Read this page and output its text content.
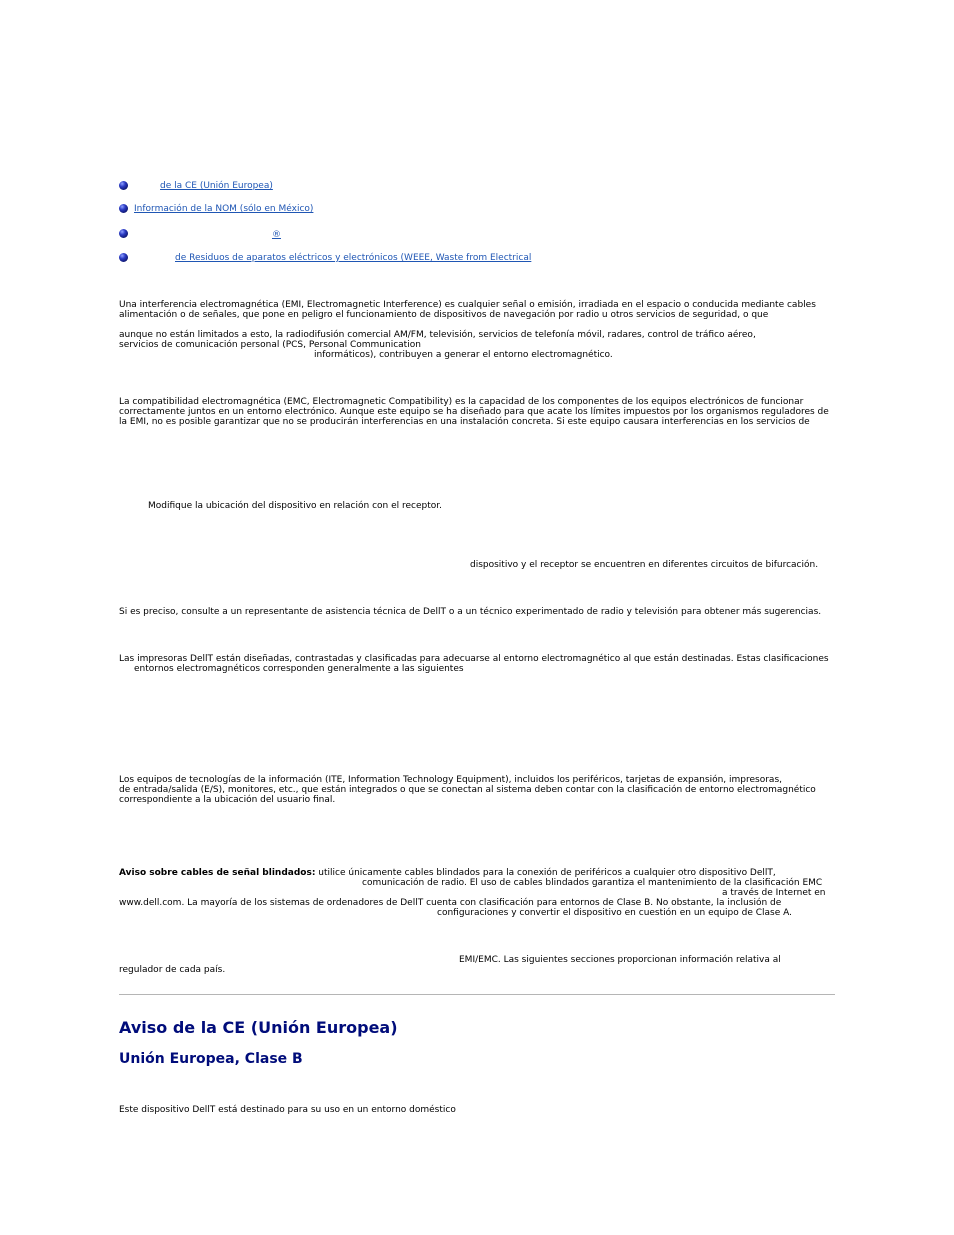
de la CE (Unión Europea)
Información de la NOM (sólo en México)
®
de Residuos de aparatos eléctricos y electrónicos (WEEE, Waste from Electrical
Una interferencia electromagnética (EMI, Electromagnetic Interference) es cualquier señal o emisión, irradiada en el espacio o conducida mediante cables
alimentación o de señales, que pone en peligro el funcionamiento de dispositivos de navegación por radio u otros servicios de seguridad, o que
aunque no están limitados a esto, la radiodifusión comercial AM/FM, televisión, servicios de telefonía móvil, radares, control de tráfico aéreo,
servicios de comunicación personal (PCS, Personal Communication
informáticos), contribuyen a generar el entorno electromagnético.
La compatibilidad electromagnética (EMC, Electromagnetic Compatibility) es la capacidad de los componentes de los equipos electrónicos de funcionar
correctamente juntos en un entorno electrónico. Aunque este equipo se ha diseñado para que acate los límites impuestos por los organismos reguladores de
la EMI, no es posible garantizar que no se producirán interferencias en una instalación concreta. Si este equipo causara interferencias en los servicios de
Modifique la ubicación del dispositivo en relación con el receptor.
dispositivo y el receptor se encuentren en diferentes circuitos de bifurcación.
Si es preciso, consulte a un representante de asistencia técnica de DellT o a un técnico experimentado de radio y televisión para obtener más sugerencias.
Las impresoras DellT están diseñadas, contrastadas y clasificadas para adecuarse al entorno electromagnético al que están destinadas. Estas clasificaciones
entornos electromagnéticos corresponden generalmente a las siguientes
Los equipos de tecnologías de la información (ITE, Information Technology Equipment), incluidos los periféricos, tarjetas de expansión, impresoras,
de entrada/salida (E/S), monitores, etc., que están integrados o que se conectan al sistema deben contar con la clasificación de entorno electromagnético
correspondiente a la ubicación del usuario final.
Aviso sobre cables de señal blindados: utilice únicamente cables blindados para la conexión de periféricos a cualquier otro dispositivo DellT,
comunicación de radio. El uso de cables blindados garantiza el mantenimiento de la clasificación EMC
a través de Internet en
www.dell.com. La mayoría de los sistemas de ordenadores de DellT cuenta con clasificación para entornos de Clase B. No obstante, la inclusión de
configuraciones y convertir el dispositivo en cuestión en un equipo de Clase A.
EMI/EMC. Las siguientes secciones proporcionan información relativa al
regulador de cada país.
Aviso de la CE (Unión Europea)
Unión Europea, Clase B
Este dispositivo DellT está destinado para su uso en un entorno doméstico
